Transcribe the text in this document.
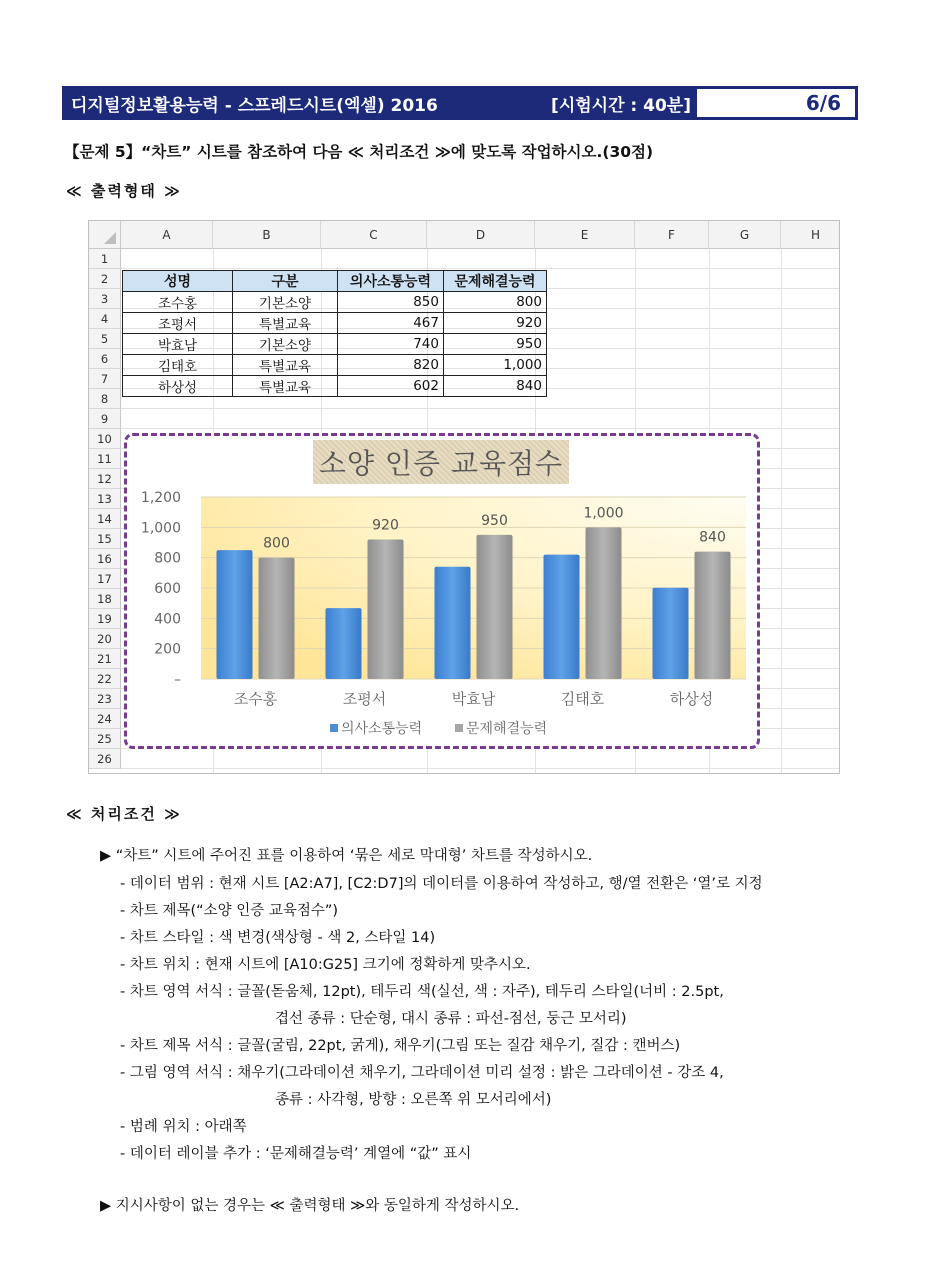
디지털정보활용능력 - 스프레드시트(엑셀) 2016	[시험시간 : 40분]	6/6
【문제 5】“차트” 시트를 참조하여 다음 ≪ 처리조건 ≫에 맞도록 작업하시오.(30점)
≪ 출력형태 ≫
A	B	C	D	E	F	G	H
1
2
3
4
5
6
7
8
9
10
11
12
13
14
15
16
17
18
19
20
21
22
23
24
25
26
성명	구분	의사소통능력	문제해결능력
조수홍	기본소양	850	800
조평서	특별교육	467	920
박효남	기본소양	740	950
김태호	특별교육	820	1,000
하상성	특별교육	602	840
–
200
400
600
800
1,000
1,200
800
920	950	1,000
840
조수홍	조평서	박효남	김태호	하상성
의사소통능력	문제해결능력
소양 인증 교육점수
≪ 처리조건 ≫
▶ “차트” 시트에 주어진 표를 이용하여 ‘묶은 세로 막대형’ 차트를 작성하시오.
- 데이터 범위 : 현재 시트 [A2:A7], [C2:D7]의 데이터를 이용하여 작성하고, 행/열 전환은 ‘열’로 지정
- 차트 제목(“소양 인증 교육점수”)
- 차트 스타일 : 색 변경(색상형 - 색 2, 스타일 14)
- 차트 위치 : 현재 시트에 [A10:G25] 크기에 정확하게 맞추시오.
- 차트 영역 서식 : 글꼴(돋움체, 12pt), 테두리 색(실선, 색 : 자주), 테두리 스타일(너비 : 2.5pt,
겹선 종류 : 단순형, 대시 종류 : 파선-점선, 둥근 모서리)
- 차트 제목 서식 : 글꼴(굴림, 22pt, 굵게), 채우기(그림 또는 질감 채우기, 질감 : 캔버스)
- 그림 영역 서식 : 채우기(그라데이션 채우기, 그라데이션 미리 설정 : 밝은 그라데이션 - 강조 4,
종류 : 사각형, 방향 : 오른쪽 위 모서리에서)
- 범례 위치 : 아래쪽
- 데이터 레이블 추가 : ‘문제해결능력’ 계열에 “값” 표시
▶ 지시사항이 없는 경우는 ≪ 출력형태 ≫와 동일하게 작성하시오.
